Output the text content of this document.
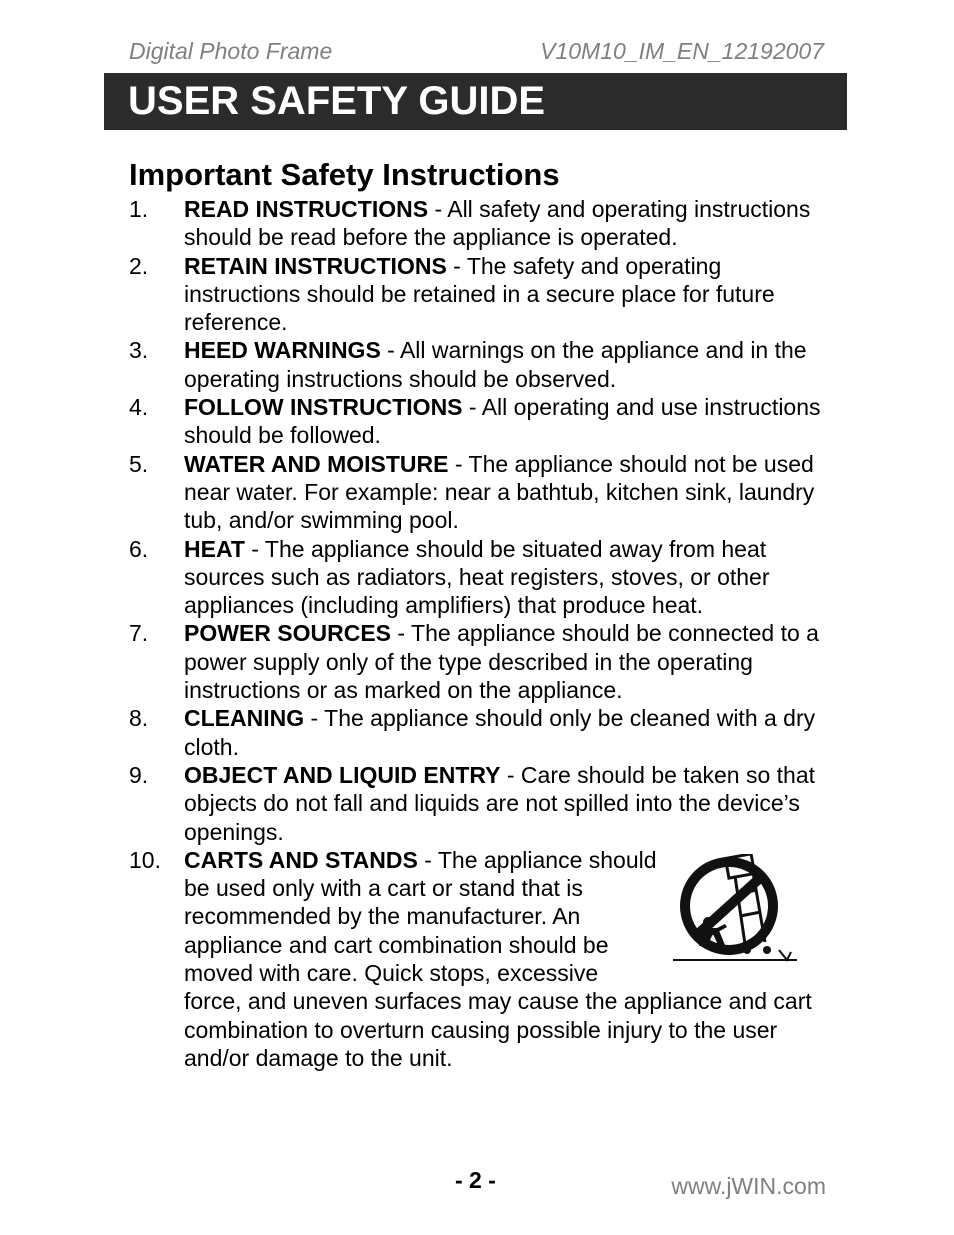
Digital Photo Frame	V10M10_IM_EN_12192007
USER SAFETY GUIDE
Important Safety Instructions
1. READ INSTRUCTIONS - All safety and operating instructions should be read before the appliance is operated.
2. RETAIN INSTRUCTIONS - The safety and operating instructions should be retained in a secure place for future reference.
3. HEED WARNINGS - All warnings on the appliance and in the operating instructions should be observed.
4. FOLLOW INSTRUCTIONS - All operating and use instructions should be followed.
5. WATER AND MOISTURE - The appliance should not be used near water. For example: near a bathtub, kitchen sink, laundry tub, and/or swimming pool.
6. HEAT - The appliance should be situated away from heat sources such as radiators, heat registers, stoves, or other appliances (including amplifiers) that produce heat.
7. POWER SOURCES - The appliance should be connected to a power supply only of the type described in the operating instructions or as marked on the appliance.
8. CLEANING - The appliance should only be cleaned with a dry cloth.
9. OBJECT AND LIQUID ENTRY - Care should be taken so that objects do not fall and liquids are not spilled into the device’s openings.
10. CARTS AND STANDS - The appliance should be used only with a cart or stand that is recommended by the manufacturer. An appliance and cart combination should be moved with care. Quick stops, excessive force, and uneven surfaces may cause the appliance and cart combination to overturn causing possible injury to the user and/or damage to the unit.
- 2 -	www.jWIN.com
